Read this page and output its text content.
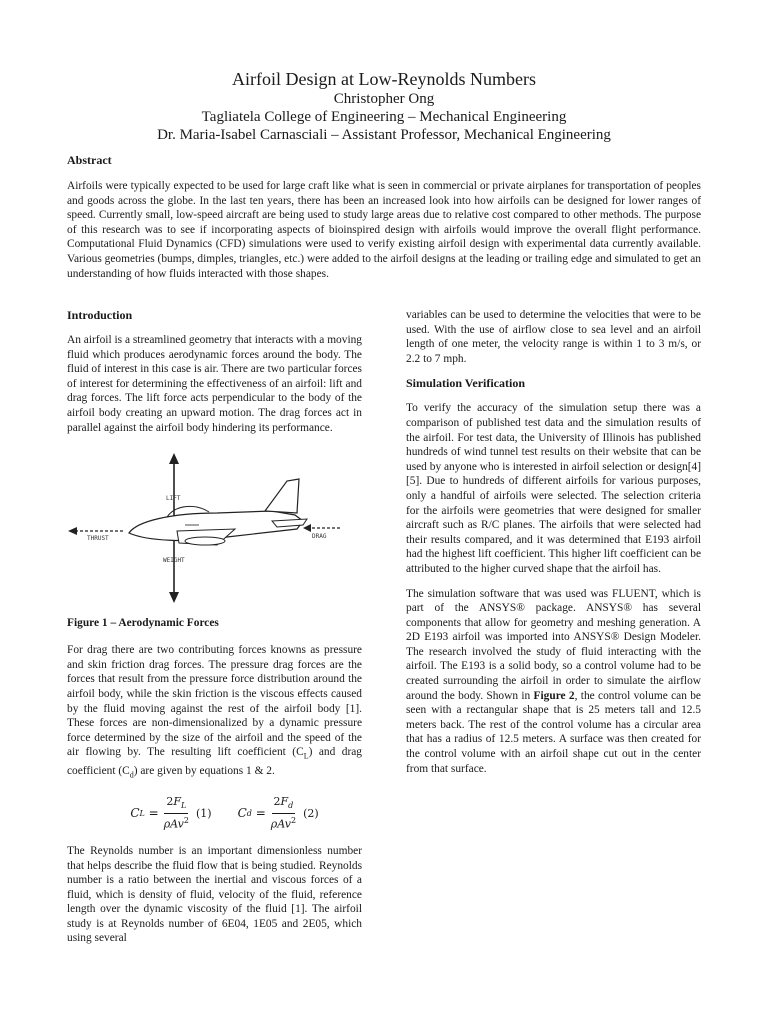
Airfoil Design at Low-Reynolds Numbers
Christopher Ong
Tagliatela College of Engineering – Mechanical Engineering
Dr. Maria-Isabel Carnasciali – Assistant Professor, Mechanical Engineering
Abstract

Airfoils were typically expected to be used for large craft like what is seen in commercial or private airplanes for transportation of peoples and goods across the globe. In the last ten years, there has been an increased look into how airfoils can be designed for lower ranges of speed. Currently small, low-speed aircraft are being used to study large areas due to relative cost compared to other methods. The purpose of this research was to see if incorporating aspects of bioinspired design with airfoils would improve the overall flight performance. Computational Fluid Dynamics (CFD) simulations were used to verify existing airfoil design with experimental data currently available. Various geometries (bumps, dimples, triangles, etc.) were added to the airfoil designs at the leading or trailing edge and simulated to get an understanding of how fluids interacted with those shapes.

Introduction

An airfoil is a streamlined geometry that interacts with a moving fluid which produces aerodynamic forces around the body. The fluid of interest in this case is air. There are two particular forces of interest for determining the effectiveness of an airfoil: lift and drag forces. The lift force acts perpendicular to the body of the airfoil body creating an upward motion. The drag forces act in parallel against the airfoil body hindering its performance.

LIFT
DRAG
THRUST
WEIGHT
Figure 1 – Aerodynamic Forces

For drag there are two contributing forces knowns as pressure and skin friction drag forces. The pressure drag forces are the forces that result from the pressure force distribution around the airfoil body, while the skin friction is the viscous effects caused by the fluid moving against the rest of the airfoil body [1]. These forces are non-dimensionalized by a dynamic pressure force determined by the size of the airfoil and the speed of the air flowing by. The resulting lift coefficient $(C_L)$ and drag coefficient $(C_d)$ are given by equations 1 & 2.

C $L = \frac{2F_L}{\rho Av^2} (1)$ C $d = \frac{2F_d}{\rho Av^2} (2)$

The Reynolds number is an important dimensionless number that helps describe the fluid flow that is being studied. Reynolds number is a ratio between the inertial and viscous forces of a fluid, which is density of fluid, velocity of the fluid, reference length over the dynamic viscosity of the fluid [1]. The airfoil study is at Reynolds number of 6E04, 1E05 and 2E05, which using several

variables can be used to determine the velocities that were to be used. With the use of airflow close to sea level and an airfoil length of one meter, the velocity range is within 1 to 3 m/s, or 2.2 to 7 mph.

Simulation Verification

To verify the accuracy of the simulation setup there was a comparison of published test data and the simulation results of the airfoil. For test data, the University of Illinois has published hundreds of wind tunnel test results on their website that can be used by anyone who is interested in airfoil selection or design[4][5]. Due to hundreds of different airfoils for various purposes, only a handful of airfoils were selected. The selection criteria for the airfoils were geometries that were designed for smaller aircraft such as R/C planes. The airfoils that were selected had their results compared, and it was determined that E193 airfoil had the highest lift coefficient. This higher lift coefficient can be attributed to the higher curved shape that the airfoil has.

The simulation software that was used was FLUENT, which is part of the ANSYS® package. ANSYS® has several components that allow for geometry and meshing generation. A 2D E193 airfoil was imported into ANSYS® Design Modeler. The research involved the study of fluid interacting with the airfoil. The E193 is a solid body, so a control volume had to be created surrounding the airfoil in order to simulate the airflow around the body. Shown in Figure 2, the control volume can be seen with a rectangular shape that is 25 meters tall and 12.5 meters back. The rest of the control volume has a circular area that has a radius of 12.5 meters. A surface was then created for the control volume with an airfoil shape cut out in the center from that surface.
